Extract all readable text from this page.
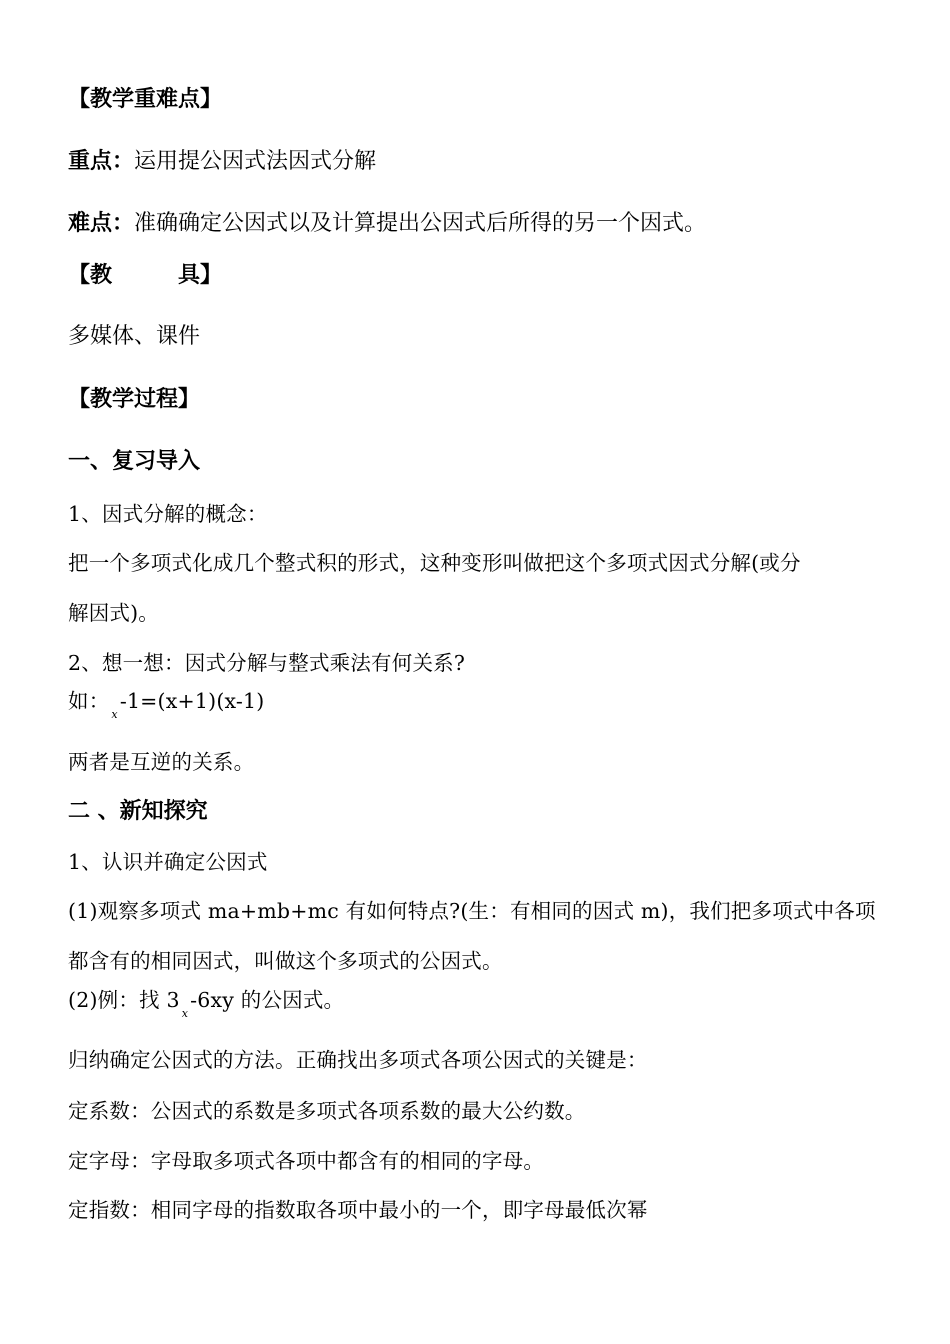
【教学重难点】
重点：运用提公因式法因式分解
难点：准确确定公因式以及计算提出公因式后所得的另一个因式。
【教　　　具】
多媒体、课件
【教学过程】
一、复习导入
1、因式分解的概念：
把一个多项式化成几个整式积的形式，这种变形叫做把这个多项式因式分解(或分
解因式)。
2、想一想：因式分解与整式乘法有何关系?
如：x-1=(x+1)(x-1)
两者是互逆的关系。
二 、新知探究
1、认识并确定公因式
(1)观察多项式 ma+mb+mc 有如何特点?(生：有相同的因式 m)，我们把多项式中各项
都含有的相同因式，叫做这个多项式的公因式。
(2)例：找 3x-6xy 的公因式。
归纳确定公因式的方法。正确找出多项式各项公因式的关键是：
定系数：公因式的系数是多项式各项系数的最大公约数。
定字母：字母取多项式各项中都含有的相同的字母。
定指数：相同字母的指数取各项中最小的一个，即字母最低次幂
